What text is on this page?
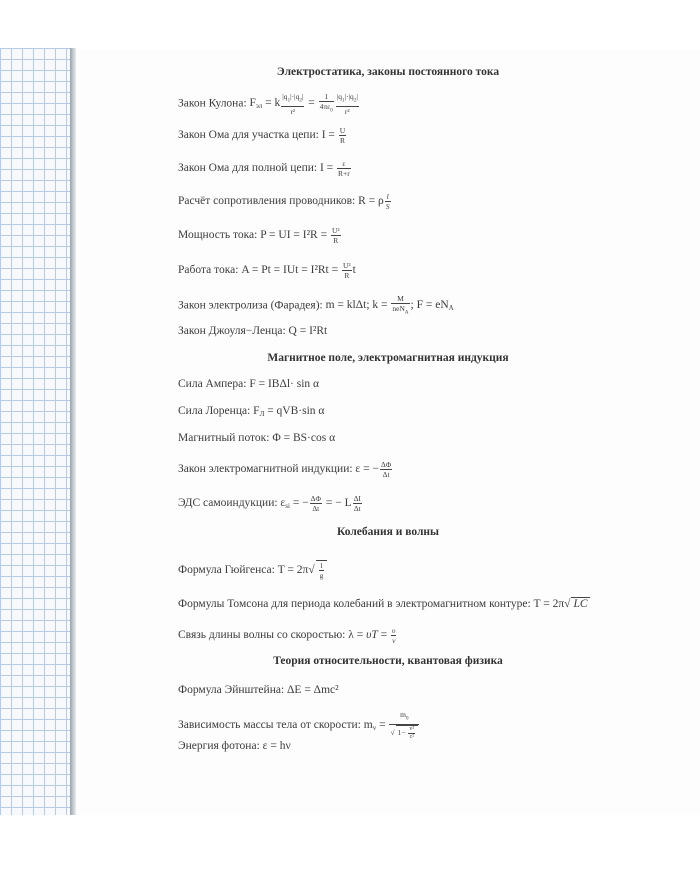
Электростатика, законы постоянного тока
Закон Кулона: $F_{эл} = k \frac{|q_1|\cdot|q_2|}{\text{r²}} = \frac{1}{4\pi\varepsilon_0} \frac{|q_1|\cdot|q_2|}{\text{r²}}$
Закон Ома для участка цепи: $I = \frac{U}{R}$
Закон Ома для полной цепи: $I = \frac{\varepsilon}{R+r}$
Расчёт сопротивления проводников: R = ρ $\frac{l}{S}$
Мощность тока: P = UI = $I^2R = \frac{\text{U²}}{R}$
Работа тока: A = Pt = IUt = $I^2Rt = \frac{\text{U²}}{R}$ t
Закон электролиза (Фарадея): m = klΔt; $k = \frac{M}{neN_A}$ ; $F = eN_A$
Закон Джоуля−Ленца: Q = I²Rt
Магнитное поле, электромагнитная индукция
Сила Ампера: F = IBΔl· sin α
Сила Лоренца: $F_Л = qVB\cdot\sin$ α
Магнитный поток: Φ = BS·cos α
Закон электромагнитной индукции: ε = − $\frac{\Delta\Phi}{\Delta t}$
ЭДС самоиндукции: $\varepsilon_{si}$ = − $\frac{\Delta\Phi}{\Delta t}$ = − L $\frac{\Delta I}{\Delta t}$
Колебания и волны
Формула Гюйгенса: $T = 2\pi√ \frac{l}{g}$
Формулы Томсона для периода колебаний в электромагнитном контуре: T = 2π√ LC
Связь длины волны со скоростью: $\lambda = \upsilon T = \frac{\upsilon}{\nu}$
Теория относительности, квантовая физика
Формула Эйнштейна: ΔE = Δmc²
Зависимость массы тела от скорости: $m_v = \frac{m_0}{√ 1- \frac{\text{v²}}{\text{c²}}}$
Энергия фотона: ε = hν
